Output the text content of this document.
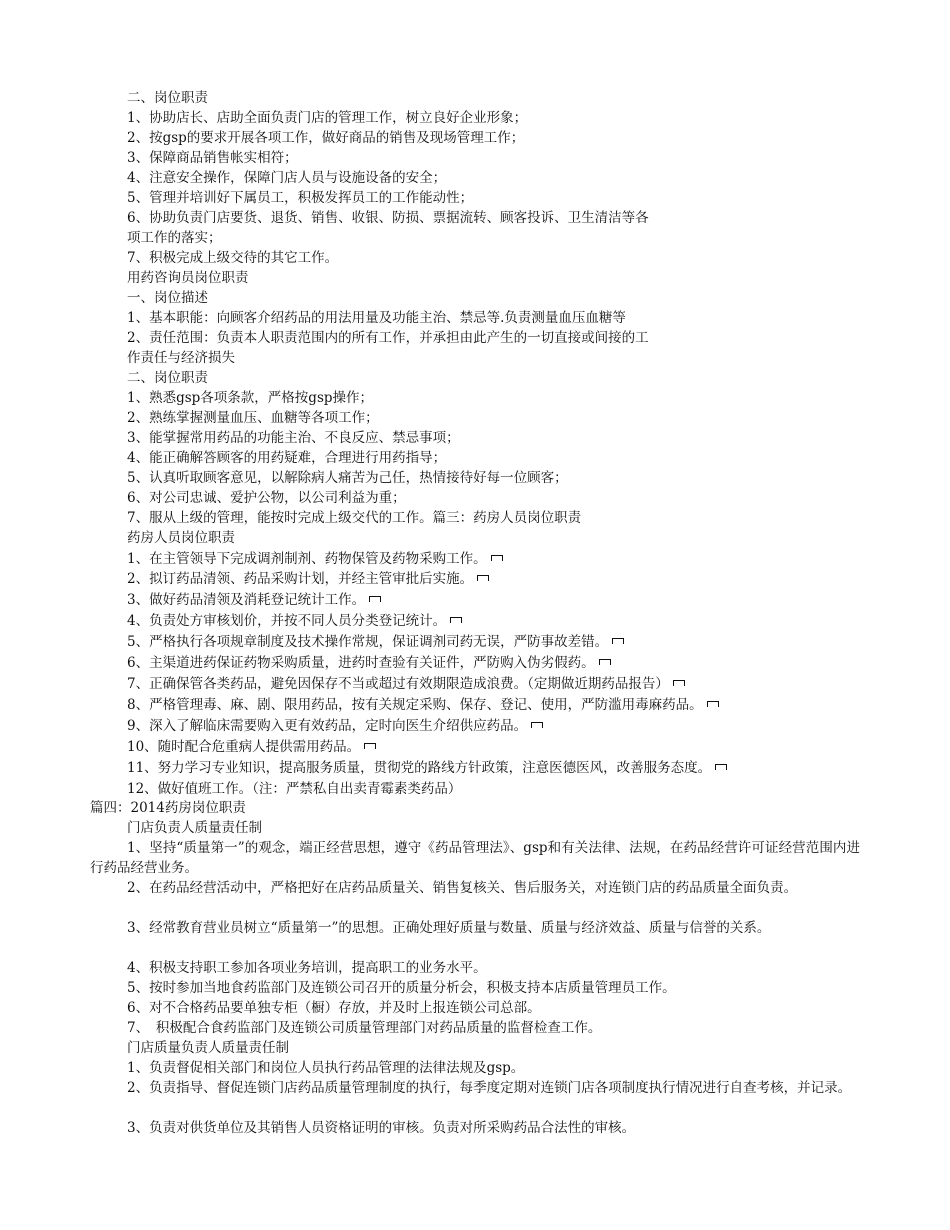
二、岗位职责
1、协助店长、店助全面负责门店的管理工作，树立良好企业形象；
2、按gsp的要求开展各项工作，做好商品的销售及现场管理工作；
3、保障商品销售帐实相符；
4、注意安全操作，保障门店人员与设施设备的安全；
5、管理并培训好下属员工，积极发挥员工的工作能动性；
6、协助负责门店要货、退货、销售、收银、防损、票据流转、顾客投诉、卫生清洁等各
项工作的落实；
7、积极完成上级交待的其它工作。
用药咨询员岗位职责
一、岗位描述
1、基本职能：向顾客介绍药品的用法用量及功能主治、禁忌等.负责测量血压血糖等
2、责任范围：负责本人职责范围内的所有工作，并承担由此产生的一切直接或间接的工
作责任与经济损失
二、岗位职责
1、熟悉gsp各项条款，严格按gsp操作；
2、熟练掌握测量血压、血糖等各项工作；
3、能掌握常用药品的功能主治、不良反应、禁忌事项；
4、能正确解答顾客的用药疑难，合理进行用药指导；
5、认真听取顾客意见，以解除病人痛苦为己任，热情接待好每一位顾客；
6、对公司忠诚、爱护公物，以公司利益为重；
7、服从上级的管理，能按时完成上级交代的工作。篇三：药房人员岗位职责
药房人员岗位职责
1、在主管领导下完成调剂制剂、药物保管及药物采购工作。
2、拟订药品清领、药品采购计划，并经主管审批后实施。
3、做好药品清领及消耗登记统计工作。
4、负责处方审核划价，并按不同人员分类登记统计。
5、严格执行各项规章制度及技术操作常规，保证调剂司药无误，严防事故差错。
6、主渠道进药保证药物采购质量，进药时查验有关证件，严防购入伪劣假药。
7、正确保管各类药品，避免因保存不当或超过有效期限造成浪费。（定期做近期药品报告）
8、严格管理毒、麻、剧、限用药品，按有关规定采购、保存、登记、使用，严防滥用毒麻药品。
9、深入了解临床需要购入更有效药品，定时向医生介绍供应药品。
10、随时配合危重病人提供需用药品。
11、努力学习专业知识，提高服务质量，贯彻党的路线方针政策，注意医德医风，改善服务态度。
12、做好值班工作。（注：严禁私自出卖青霉素类药品）
篇四：2014药房岗位职责
门店负责人质量责任制
1、坚持“质量第一”的观念，端正经营思想，遵守《药品管理法》、gsp和有关法律、法规，在药品经营许可证经营范围内进行药品经营业务。
2、在药品经营活动中，严格把好在店药品质量关、销售复核关、售后服务关，对连锁门店的药品质量全面负责。
3、经常教育营业员树立“质量第一”的思想。正确处理好质量与数量、质量与经济效益、质量与信誉的关系。
4、积极支持职工参加各项业务培训，提高职工的业务水平。
5、按时参加当地食药监部门及连锁公司召开的质量分析会，积极支持本店质量管理员工作。
6、对不合格药品要单独专柜（橱）存放，并及时上报连锁公司总部。
7、　积极配合食药监部门及连锁公司质量管理部门对药品质量的监督检查工作。
门店质量负责人质量责任制
1、负责督促相关部门和岗位人员执行药品管理的法律法规及gsp。
2、负责指导、督促连锁门店药品质量管理制度的执行，每季度定期对连锁门店各项制度执行情况进行自查考核，并记录。
3、负责对供货单位及其销售人员资格证明的审核。负责对所采购药品合法性的审核。
